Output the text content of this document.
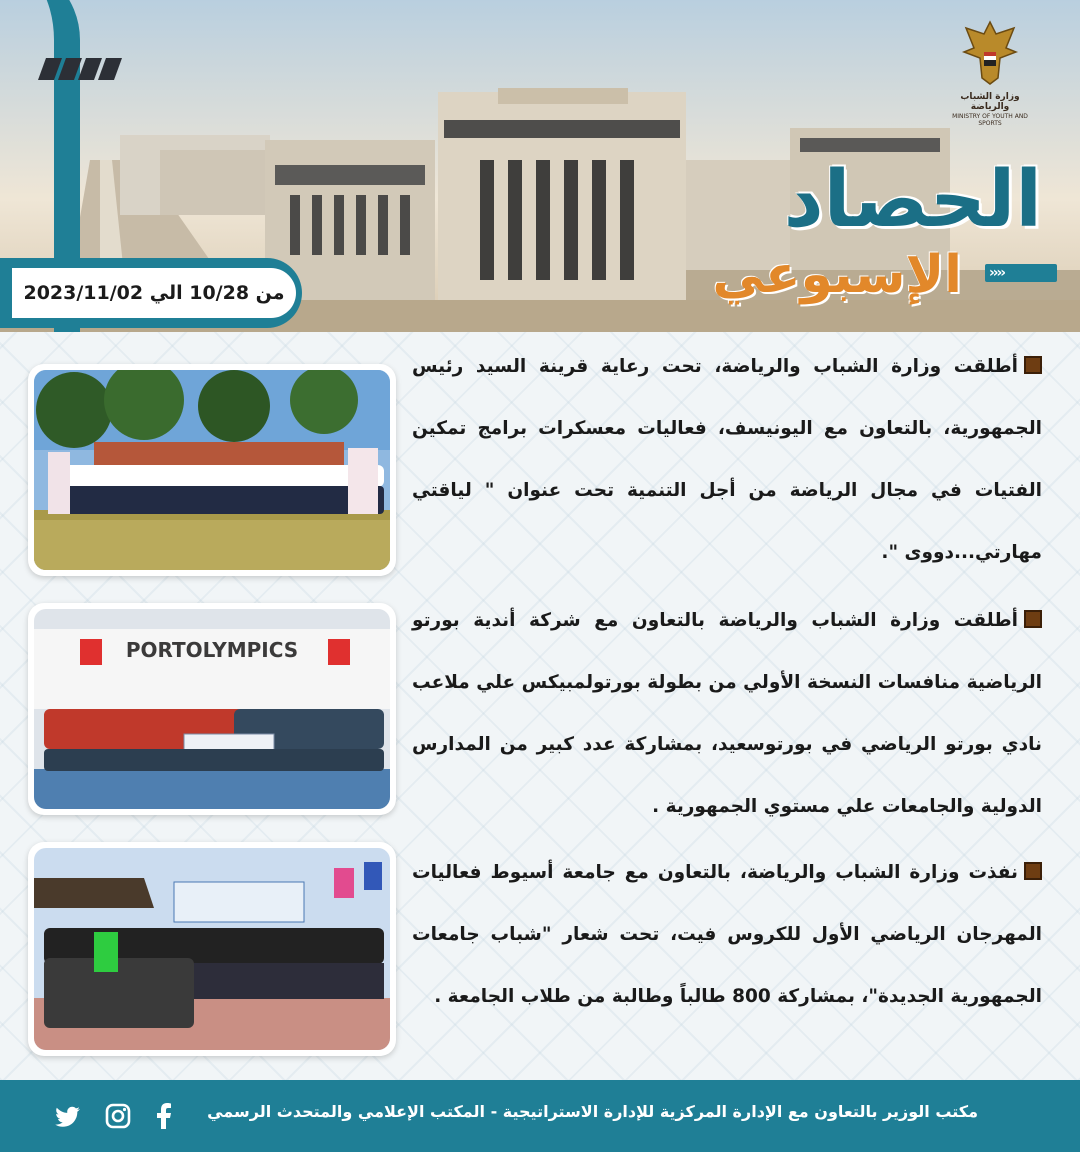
وزارة الشباب والرياضة
MINISTRY OF YOUTH AND SPORTS
الحصاد
الإسبوعي ››››
من 10/28 الي 2023/11/02
PORTOLYMPICS
أطلقت وزارة الشباب والرياضة، تحت رعاية قرينة السيد رئيس الجمهورية، بالتعاون مع اليونيسف، فعاليات معسكرات برامج تمكين الفتيات في مجال الرياضة من أجل التنمية تحت عنوان " لياقتي مهارتي...دووى ".
أطلقت وزارة الشباب والرياضة بالتعاون مع شركة أندية بورتو الرياضية منافسات النسخة الأولي من بطولة بورتولمبيكس علي ملاعب نادي بورتو الرياضي في بورتوسعيد، بمشاركة عدد كبير من المدارس الدولية والجامعات علي مستوي الجمهورية .
نفذت وزارة الشباب والرياضة، بالتعاون مع جامعة أسيوط فعاليات المهرجان الرياضي الأول للكروس فيت، تحت شعار "شباب جامعات الجمهورية الجديدة"، بمشاركة 800 طالباً وطالبة من طلاب الجامعة .
مكتب الوزير بالتعاون مع الإدارة المركزية للإدارة الاستراتيجية - المكتب الإعلامي والمتحدث الرسمي
